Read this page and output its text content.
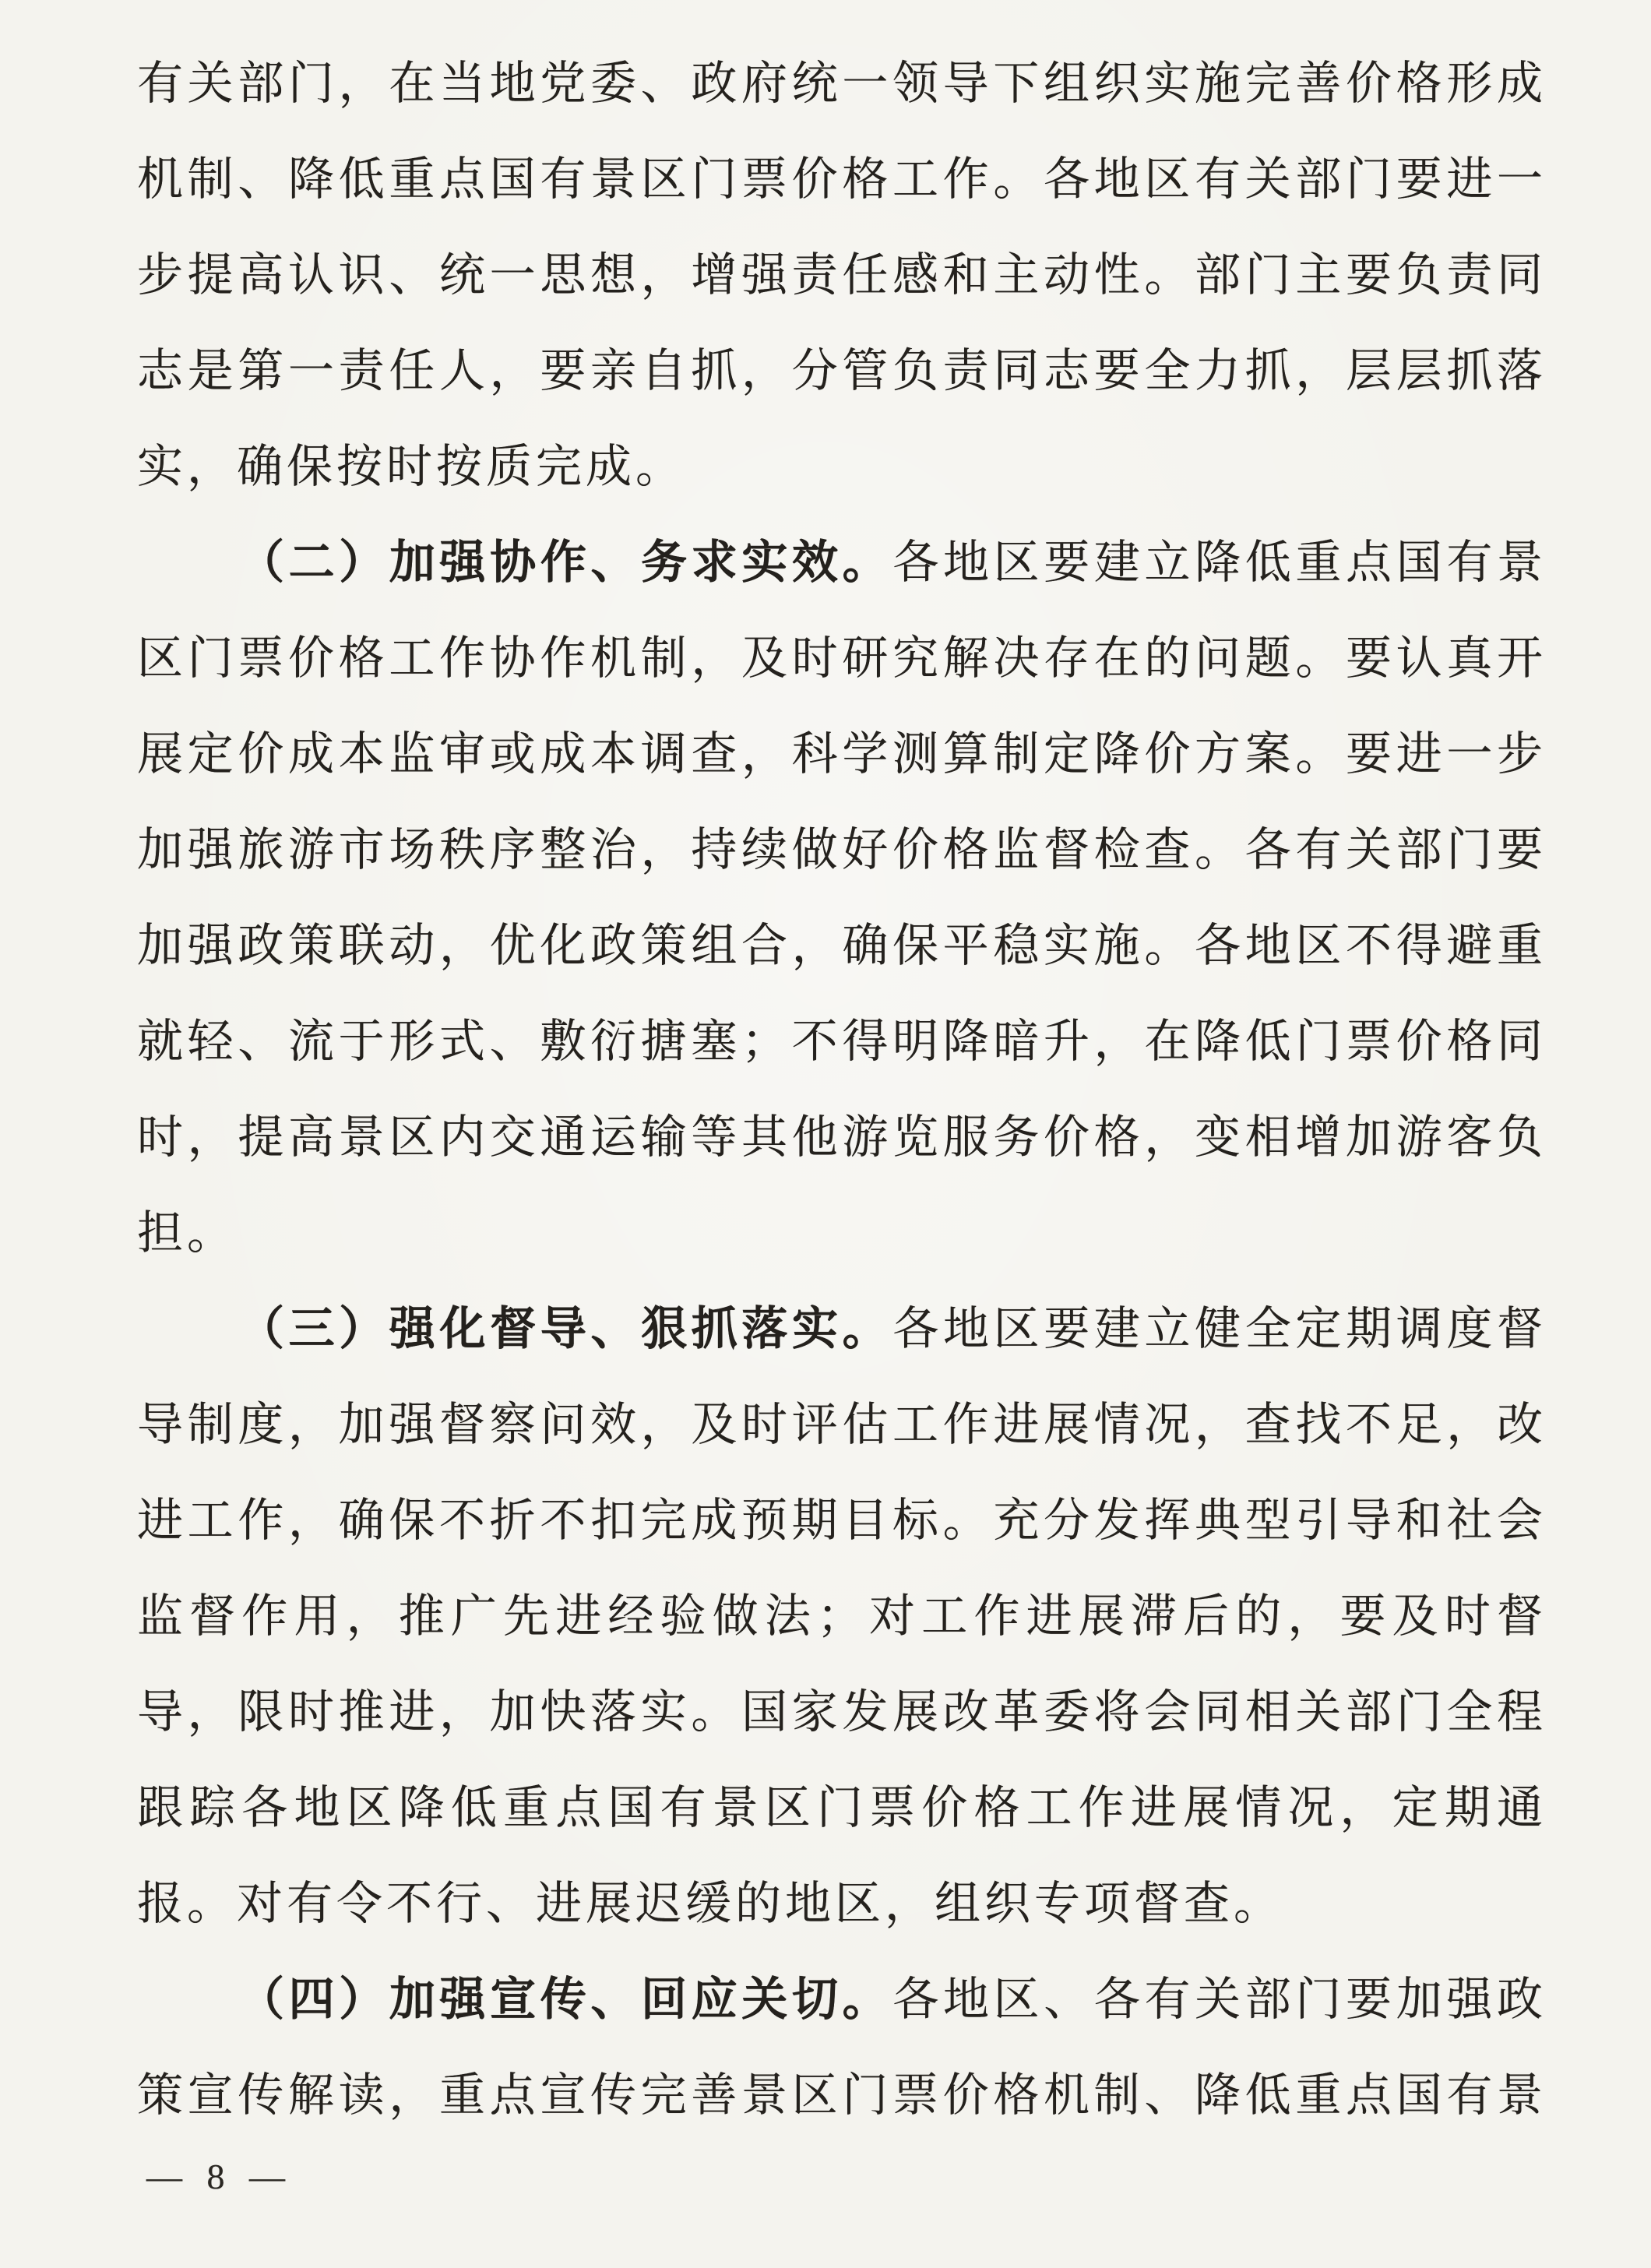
有关部门，在当地党委、政府统一领导下组织实施完善价格形成
机制、降低重点国有景区门票价格工作。各地区有关部门要进一
步提高认识、统一思想，增强责任感和主动性。部门主要负责同
志是第一责任人，要亲自抓，分管负责同志要全力抓，层层抓落
实，确保按时按质完成。
（二）加强协作、务求实效。各地区要建立降低重点国有景
区门票价格工作协作机制，及时研究解决存在的问题。要认真开
展定价成本监审或成本调查，科学测算制定降价方案。要进一步
加强旅游市场秩序整治，持续做好价格监督检查。各有关部门要
加强政策联动，优化政策组合，确保平稳实施。各地区不得避重
就轻、流于形式、敷衍搪塞；不得明降暗升，在降低门票价格同
时，提高景区内交通运输等其他游览服务价格，变相增加游客负
担。
（三）强化督导、狠抓落实。各地区要建立健全定期调度督
导制度，加强督察问效，及时评估工作进展情况，查找不足，改
进工作，确保不折不扣完成预期目标。充分发挥典型引导和社会
监督作用，推广先进经验做法；对工作进展滞后的，要及时督
导，限时推进，加快落实。国家发展改革委将会同相关部门全程
跟踪各地区降低重点国有景区门票价格工作进展情况，定期通
报。对有令不行、进展迟缓的地区，组织专项督查。
（四）加强宣传、回应关切。各地区、各有关部门要加强政
策宣传解读，重点宣传完善景区门票价格机制、降低重点国有景
— 8 —
